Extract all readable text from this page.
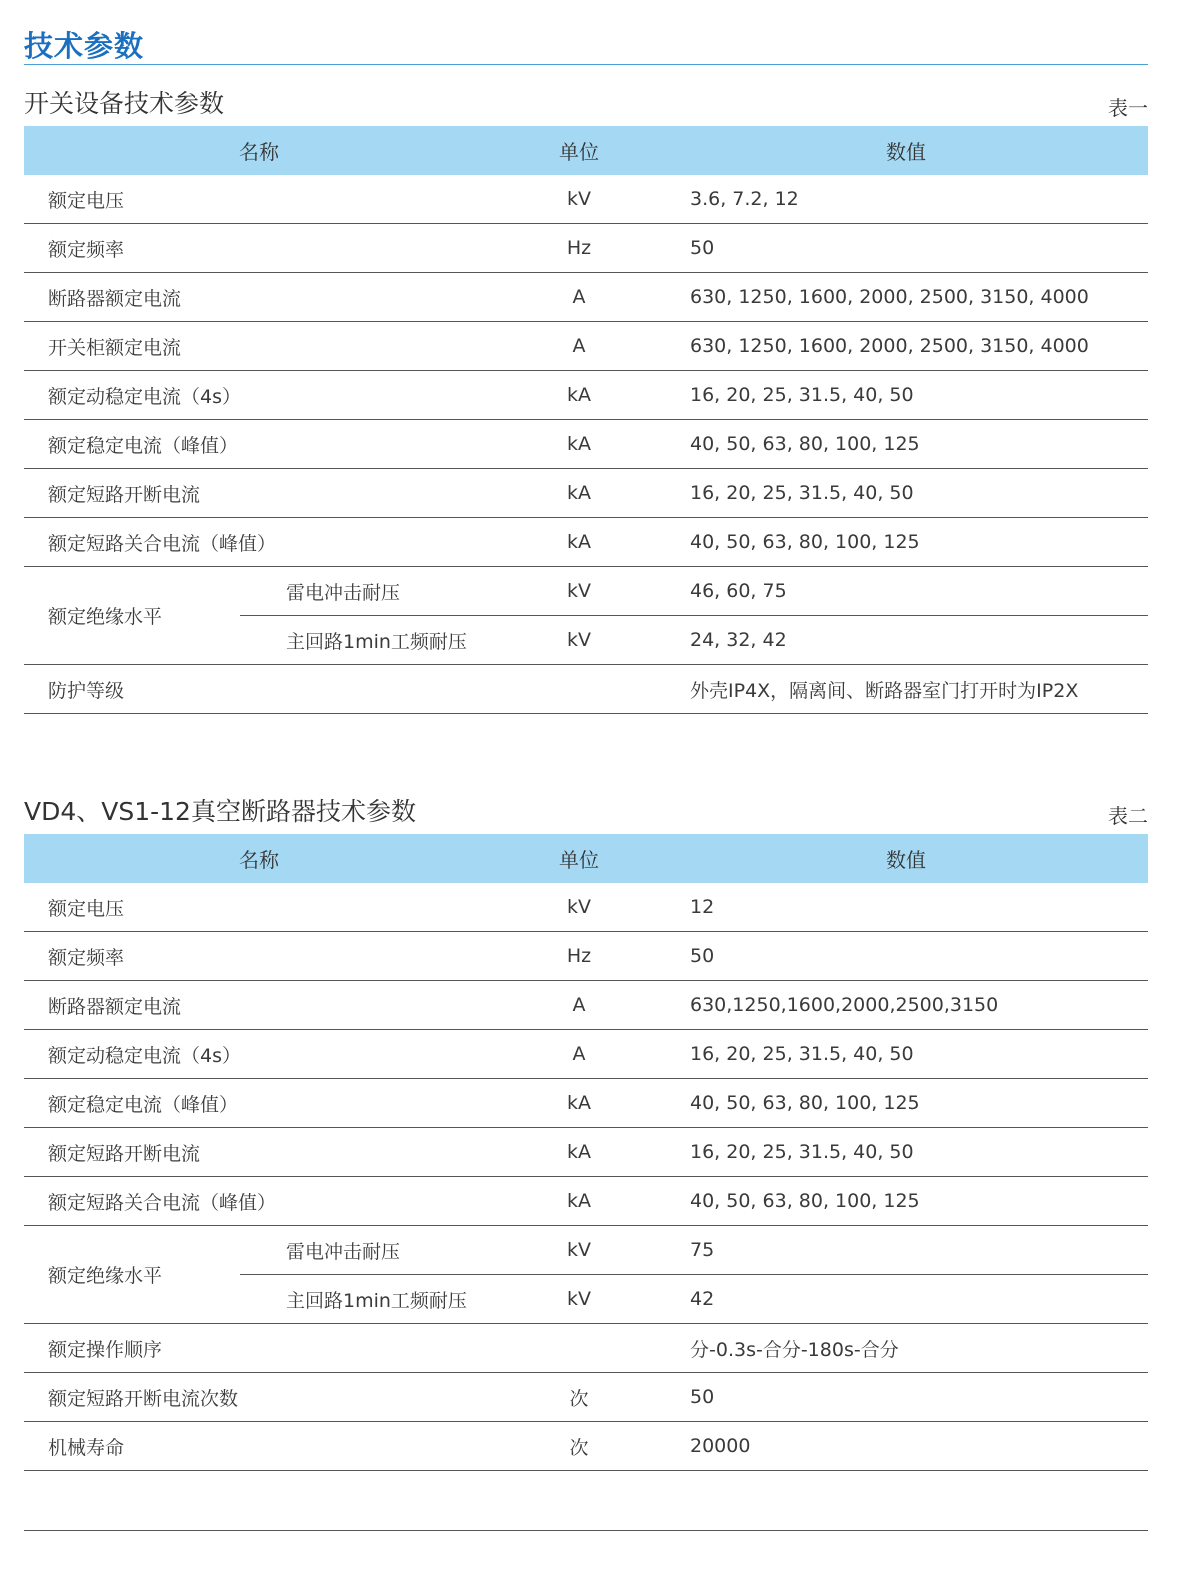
技术参数
开关设备技术参数	表一
名称		单位	数值
额定电压		kV	3.6, 7.2, 12
额定频率		Hz	50
断路器额定电流		A	630, 1250, 1600, 2000, 2500, 3150, 4000
开关柜额定电流		A	630, 1250, 1600, 2000, 2500, 3150, 4000
额定动稳定电流（4s）		kA	16, 20, 25, 31.5, 40, 50
额定稳定电流（峰值）		kA	40, 50, 63, 80, 100, 125
额定短路开断电流		kA	16, 20, 25, 31.5, 40, 50
额定短路关合电流（峰值）		kA	40, 50, 63, 80, 100, 125
额定绝缘水平	雷电冲击耐压	kV	46, 60, 75
	主回路1min工频耐压	kV	24, 32, 42
防护等级			外壳IP4X，隔离间、断路器室门打开时为IP2X
VD4、VS1-12真空断路器技术参数	表二
名称		单位	数值
额定电压		kV	12
额定频率		Hz	50
断路器额定电流		A	630,1250,1600,2000,2500,3150
额定动稳定电流（4s）		A	16, 20, 25, 31.5, 40, 50
额定稳定电流（峰值）		kA	40, 50, 63, 80, 100, 125
额定短路开断电流		kA	16, 20, 25, 31.5, 40, 50
额定短路关合电流（峰值）		kA	40, 50, 63, 80, 100, 125
额定绝缘水平	雷电冲击耐压	kV	75
	主回路1min工频耐压	kV	42
额定操作顺序			分-0.3s-合分-180s-合分
额定短路开断电流次数		次	50
机械寿命		次	20000
